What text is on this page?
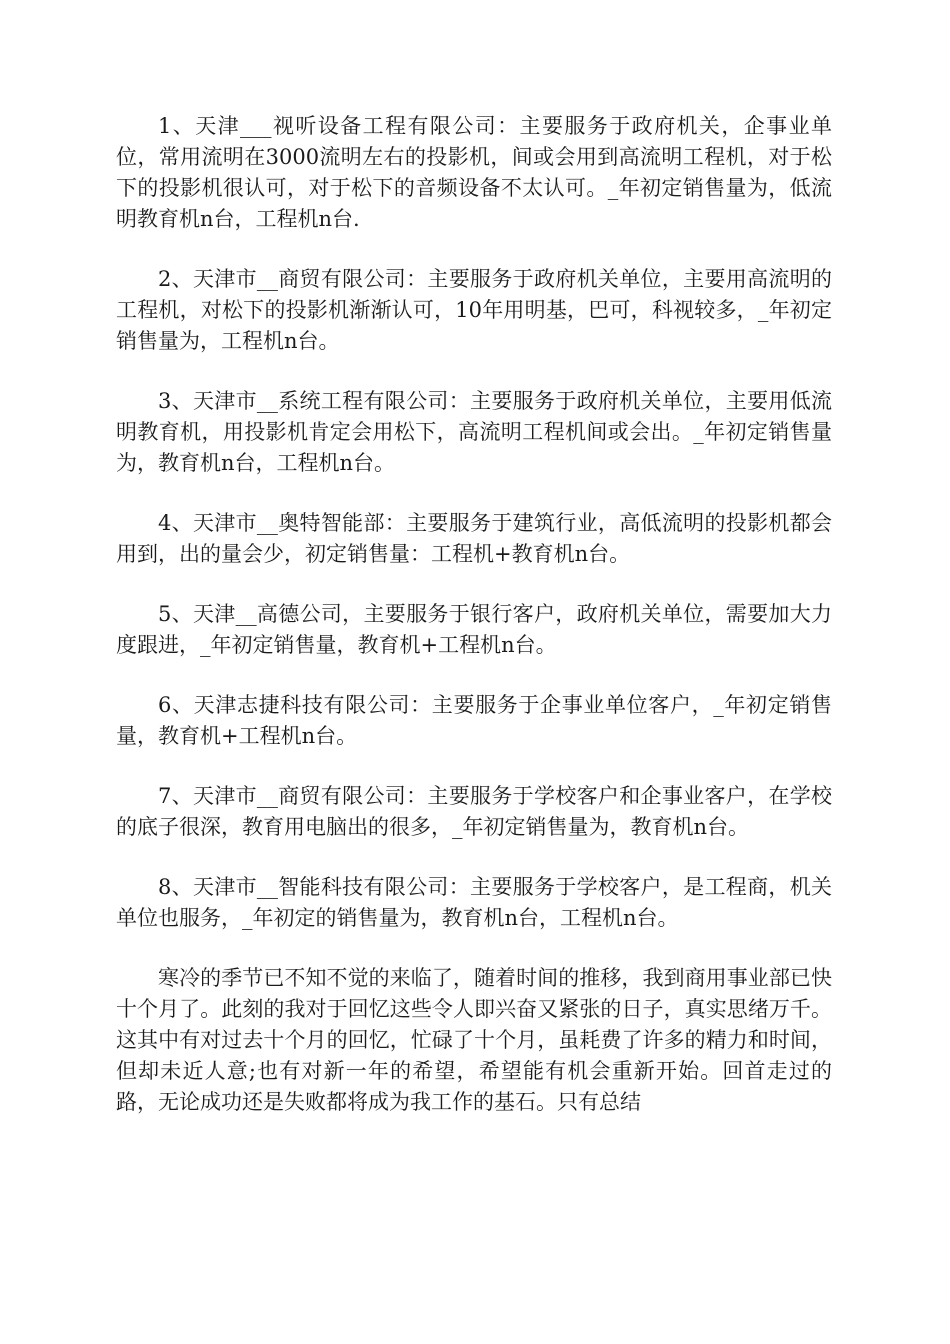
1、天津___视听设备工程有限公司：主要服务于政府机关，企事业单位，常用流明在3000流明左右的投影机，间或会用到高流明工程机，对于松下的投影机很认可，对于松下的音频设备不太认可。_年初定销售量为，低流明教育机n台，工程机n台.

2、天津市__商贸有限公司：主要服务于政府机关单位，主要用高流明的工程机，对松下的投影机渐渐认可，10年用明基，巴可，科视较多，_年初定销售量为，工程机n台。

3、天津市__系统工程有限公司：主要服务于政府机关单位，主要用低流明教育机，用投影机肯定会用松下，高流明工程机间或会出。_年初定销售量为，教育机n台，工程机n台。

4、天津市__奥特智能部：主要服务于建筑行业，高低流明的投影机都会用到，出的量会少，初定销售量：工程机+教育机n台。

5、天津__高德公司，主要服务于银行客户，政府机关单位，需要加大力度跟进，_年初定销售量，教育机+工程机n台。

6、天津志捷科技有限公司：主要服务于企事业单位客户，_年初定销售量，教育机+工程机n台。

7、天津市__商贸有限公司：主要服务于学校客户和企事业客户，在学校的底子很深，教育用电脑出的很多，_年初定销售量为，教育机n台。

8、天津市__智能科技有限公司：主要服务于学校客户，是工程商，机关单位也服务，_年初定的销售量为，教育机n台，工程机n台。

寒冷的季节已不知不觉的来临了，随着时间的推移，我到商用事业部已快十个月了。此刻的我对于回忆这些令人即兴奋又紧张的日子，真实思绪万千。这其中有对过去十个月的回忆，忙碌了十个月，虽耗费了许多的精力和时间，但却未近人意;也有对新一年的希望，希望能有机会重新开始。回首走过的路，无论成功还是失败都将成为我工作的基石。只有总结
